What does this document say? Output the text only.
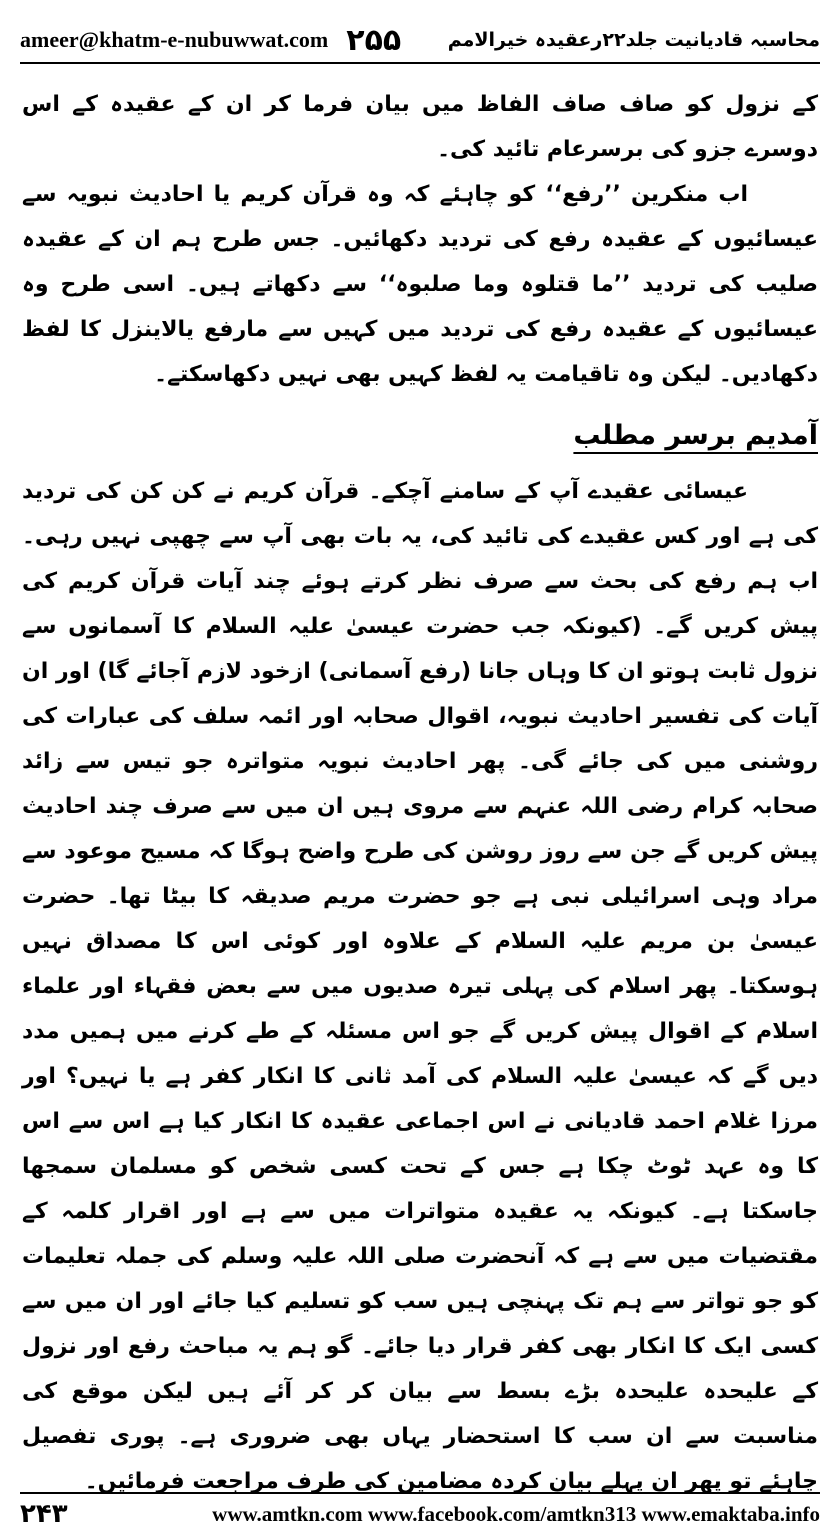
ameer@khatm-e-nubuwwat.com ۲۵۵ محاسبہ قادیانیت جلد۲۲رعقیدہ خیرالامم

کے نزول کو صاف صاف الفاظ میں بیان فرما کر ان کے عقیدہ کے اس دوسرے جزو کی برسرعام تائید کی۔

اب منکرین ’’رفع‘‘ کو چاہئے کہ وہ قرآن کریم یا احادیث نبویہ سے عیسائیوں کے عقیدہ رفع کی تردید دکھائیں۔ جس طرح ہم ان کے عقیدہ صلیب کی تردید ’’ما قتلوہ وما صلبوہ‘‘ سے دکھاتے ہیں۔ اسی طرح وہ عیسائیوں کے عقیدہ رفع کی تردید میں کہیں سے مارفع یالاینزل کا لفظ دکھادیں۔ لیکن وہ تاقیامت یہ لفظ کہیں بھی نہیں دکھاسکتے۔

آمدیم برسر مطلب

عیسائی عقیدے آپ کے سامنے آچکے۔ قرآن کریم نے کن کن کی تردید کی ہے اور کس عقیدے کی تائید کی، یہ بات بھی آپ سے چھپی نہیں رہی۔ اب ہم رفع کی بحث سے صرف نظر کرتے ہوئے چند آیات قرآن کریم کی پیش کریں گے۔ (کیونکہ جب حضرت عیسیٰ علیہ السلام کا آسمانوں سے نزول ثابت ہوتو ان کا وہاں جانا (رفع آسمانی) ازخود لازم آجائے گا) اور ان آیات کی تفسیر احادیث نبویہ، اقوال صحابہ اور ائمہ سلف کی عبارات کی روشنی میں کی جائے گی۔ پھر احادیث نبویہ متواترہ جو تیس سے زائد صحابہ کرام رضی اللہ عنہم سے مروی ہیں ان میں سے صرف چند احادیث پیش کریں گے جن سے روز روشن کی طرح واضح ہوگا کہ مسیح موعود سے مراد وہی اسرائیلی نبی ہے جو حضرت مریم صدیقہ کا بیٹا تھا۔ حضرت عیسیٰ بن مریم علیہ السلام کے علاوہ اور کوئی اس کا مصداق نہیں ہوسکتا۔ پھر اسلام کی پہلی تیرہ صدیوں میں سے بعض فقہاء اور علماء اسلام کے اقوال پیش کریں گے جو اس مسئلہ کے طے کرنے میں ہمیں مدد دیں گے کہ عیسیٰ علیہ السلام کی آمد ثانی کا انکار کفر ہے یا نہیں؟ اور مرزا غلام احمد قادیانی نے اس اجماعی عقیدہ کا انکار کیا ہے اس سے اس کا وہ عہد ٹوٹ چکا ہے جس کے تحت کسی شخص کو مسلمان سمجھا جاسکتا ہے۔ کیونکہ یہ عقیدہ متواترات میں سے ہے اور اقرار کلمہ کے مقتضیات میں سے ہے کہ آنحضرت صلی اللہ علیہ وسلم کی جملہ تعلیمات کو جو تواتر سے ہم تک پہنچی ہیں سب کو تسلیم کیا جائے اور ان میں سے کسی ایک کا انکار بھی کفر قرار دیا جائے۔ گو ہم یہ مباحث رفع اور نزول کے علیحدہ علیحدہ بڑے بسط سے بیان کر کر آئے ہیں لیکن موقع کی مناسبت سے ان سب کا استحضار یہاں بھی ضروری ہے۔ پوری تفصیل چاہئے تو پھر ان پہلے بیان کردہ مضامین کی طرف مراجعت فرمائیں۔

۲۴۳	www.amtkn.com www.facebook.com/amtkn313 www.emaktaba.info
